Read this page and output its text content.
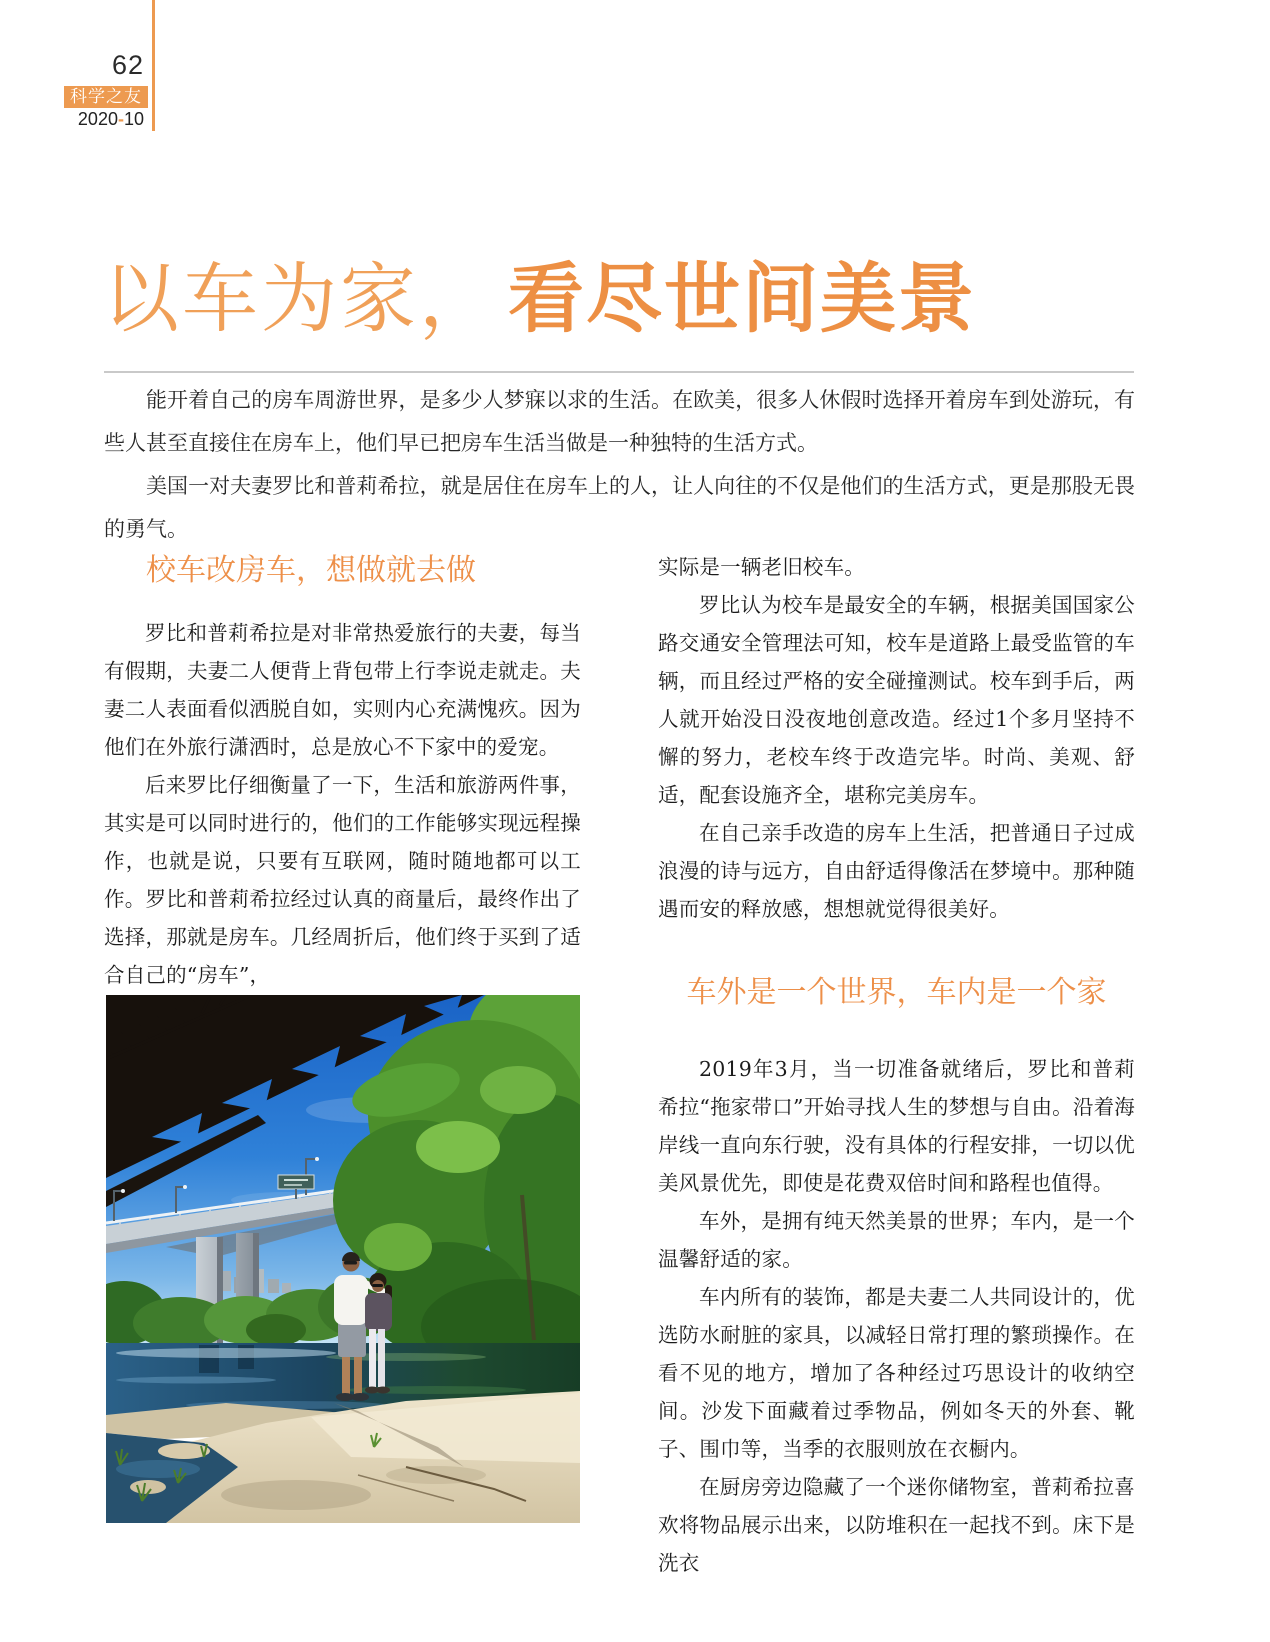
62
科学之友
2020-10
以车为家， 看尽世间美景

能开着自己的房车周游世界，是多少人梦寐以求的生活。在欧美，很多人休假时选择开着房车到处游玩，有些人甚至直接住在房车上，他们早已把房车生活当做是一种独特的生活方式。

美国一对夫妻罗比和普莉希拉，就是居住在房车上的人，让人向往的不仅是他们的生活方式，更是那股无畏的勇气。

校车改房车，想做就去做

罗比和普莉希拉是对非常热爱旅行的夫妻，每当有假期，夫妻二人便背上背包带上行李说走就走。夫妻二人表面看似洒脱自如，实则内心充满愧疚。因为他们在外旅行潇洒时，总是放心不下家中的爱宠。

后来罗比仔细衡量了一下，生活和旅游两件事，其实是可以同时进行的，他们的工作能够实现远程操作，也就是说，只要有互联网，随时随地都可以工作。罗比和普莉希拉经过认真的商量后，最终作出了选择，那就是房车。几经周折后，他们终于买到了适合自己的“房车”，

实际是一辆老旧校车。

罗比认为校车是最安全的车辆，根据美国国家公路交通安全管理法可知，校车是道路上最受监管的车辆，而且经过严格的安全碰撞测试。校车到手后，两人就开始没日没夜地创意改造。经过1个多月坚持不懈的努力，老校车终于改造完毕。时尚、美观、舒适，配套设施齐全，堪称完美房车。

在自己亲手改造的房车上生活，把普通日子过成浪漫的诗与远方，自由舒适得像活在梦境中。那种随遇而安的释放感，想想就觉得很美好。

车外是一个世界，车内是一个家

2019年3月，当一切准备就绪后，罗比和普莉希拉“拖家带口”开始寻找人生的梦想与自由。沿着海岸线一直向东行驶，没有具体的行程安排，一切以优美风景优先，即使是花费双倍时间和路程也值得。

车外，是拥有纯天然美景的世界；车内，是一个温馨舒适的家。

车内所有的装饰，都是夫妻二人共同设计的，优选防水耐脏的家具，以减轻日常打理的繁琐操作。在看不见的地方，增加了各种经过巧思设计的收纳空间。沙发下面藏着过季物品，例如冬天的外套、靴子、围巾等，当季的衣服则放在衣橱内。

在厨房旁边隐藏了一个迷你储物室，普莉希拉喜欢将物品展示出来，以防堆积在一起找不到。床下是洗衣
